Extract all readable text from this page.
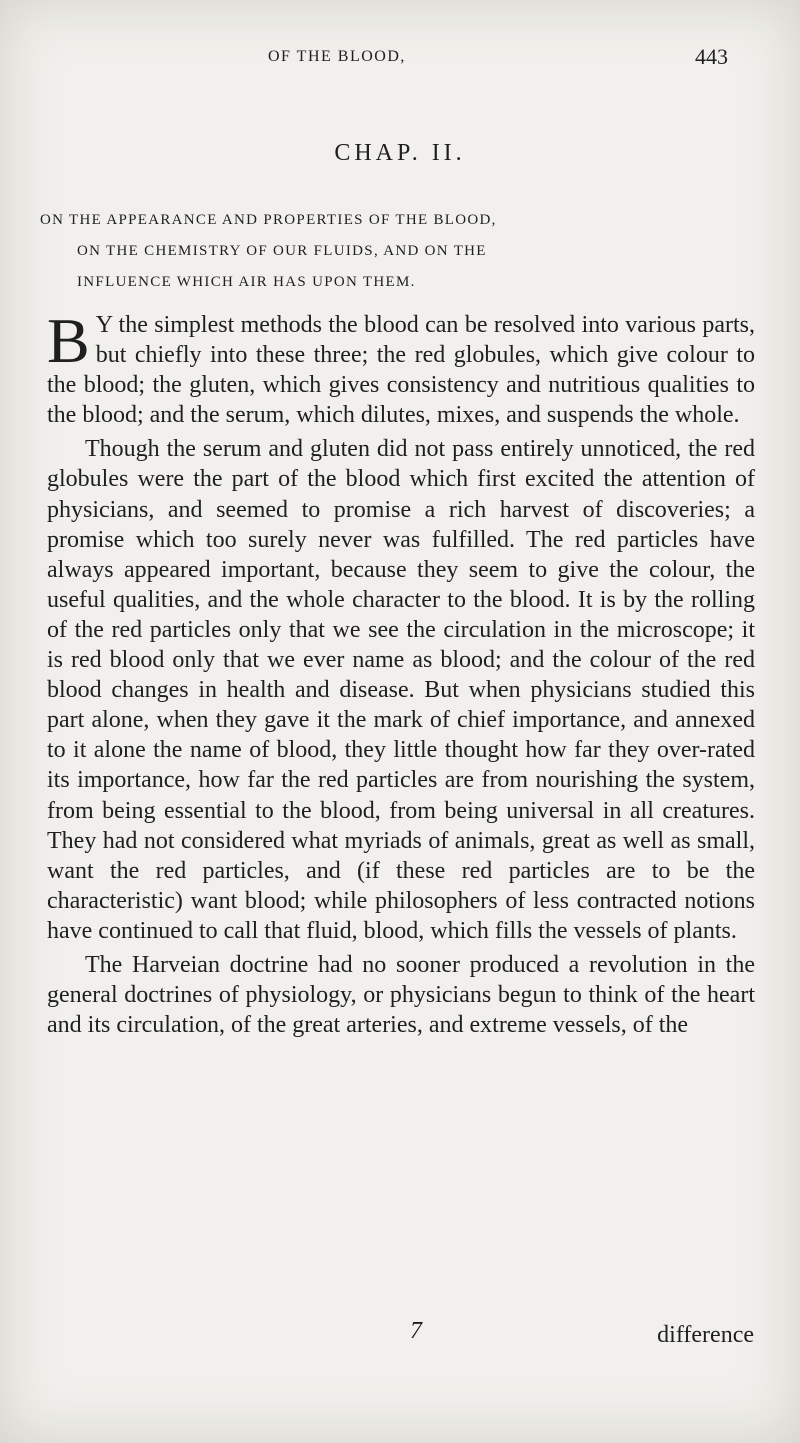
OF THE BLOOD,	443
CHAP. II.
ON THE APPEARANCE AND PROPERTIES OF THE BLOOD,
ON THE CHEMISTRY OF OUR FLUIDS, AND ON THE
INFLUENCE WHICH AIR HAS UPON THEM.

B Y the simplest methods the blood can be resolved into various parts, but chiefly into these three; the red globules, which give colour to the blood; the gluten, which gives consistency and nutritious qualities to the blood; and the serum, which dilutes, mixes, and suspends the whole.

Though the serum and gluten did not pass entirely unnoticed, the red globules were the part of the blood which first excited the attention of physicians, and seemed to promise a rich harvest of discoveries; a promise which too surely never was fulfilled. The red particles have always appeared important, because they seem to give the colour, the useful qualities, and the whole character to the blood. It is by the rolling of the red particles only that we see the circulation in the microscope; it is red blood only that we ever name as blood; and the colour of the red blood changes in health and disease. But when physicians studied this part alone, when they gave it the mark of chief importance, and annexed to it alone the name of blood, they little thought how far they over-rated its importance, how far the red particles are from nourishing the system, from being essential to the blood, from being universal in all creatures. They had not considered what myriads of animals, great as well as small, want the red particles, and (if these red particles are to be the characteristic) want blood; while philosophers of less contracted notions have continued to call that fluid, blood, which fills the vessels of plants.

The Harveian doctrine had no sooner produced a revolution in the general doctrines of physiology, or physicians begun to think of the heart and its circulation, of the great arteries, and extreme vessels, of the

7	difference
